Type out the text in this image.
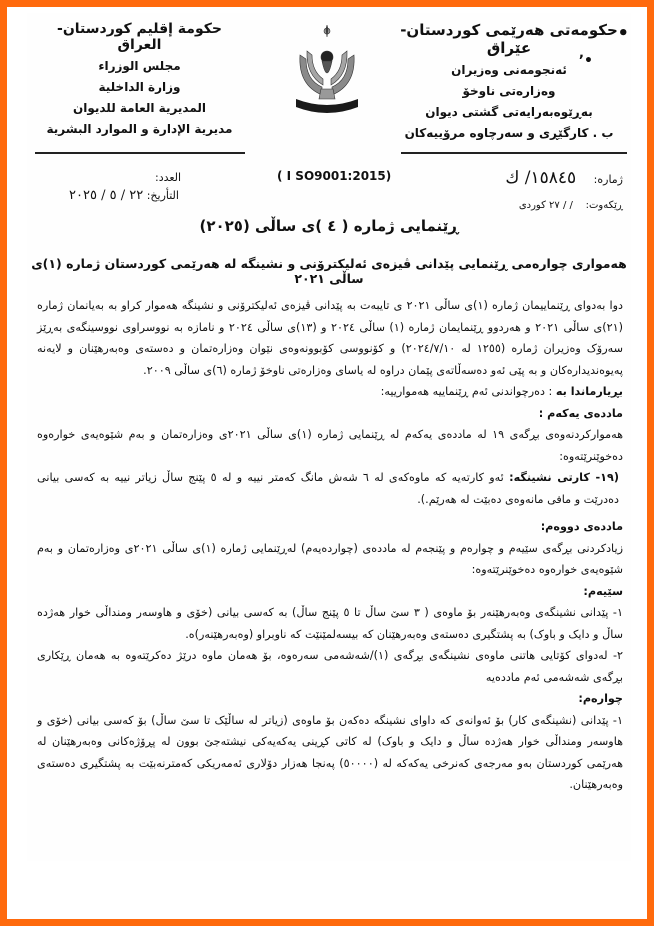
حکومەتی هەرێمی کوردستان-عێراق
ئەنجومەنی وەزیران
وەزارەتی ناوخۆ
بەڕێوەبەرایەتی گشتی دیوان
ب . کارگێڕی و سەرچاوە مرۆییەکان
•
ʼ•
حكومة إقليم كوردستان-العراق
مجلس الوزراء
وزارة الداخلية
المديرية العامة للديوان
مديرية الإدارة و الموارد البشرية
ژمارە:     ١٥٨٤٥/ ك
ڕێکەوت:    / / ٢٧ کوردی
( I SO9001:2015)
العدد:
التأريخ: ٢٢ / ٥ / ٢٠٢٥
ڕێنمایی ژمارە ( ٤ )ی ساڵی (٢٠٢٥)
هەمواری چوارەمی ڕێنمایی پێدانی ڤیزەی ئەلیکترۆنی و نشینگە لە هەرێمی کوردستان ژمارە (١)ی ساڵی ٢٠٢١

دوا بەدوای ڕێنماییمان ژمارە (١)ی ساڵی ٢٠٢١ ی تایبەت بە پێدانی ڤیزەی ئەلیکترۆنی و نشینگە هەموار کراو بە بەیانمان ژمارە (٢١)ی ساڵی ٢٠٢١ و هەردوو ڕێنمایمان ژمارە (١) ساڵی ٢٠٢٤ و (١٣)ی ساڵی ٢٠٢٤ و نامازە بە نووسراوی نووسینگەی بەڕێز سەرۆک وەزیران ژمارە (١٢٥٥ لە ٢٠٢٤/٧/١٠) و کۆنووسی کۆبوونەوەی نێوان وەزارەتمان و دەستەی وەبەرهێنان و لایەنە پەیوەندیدارەکان و بە پێی ئەو دەسەڵاتەی پێمان دراوە لە یاسای وەزارەتی ناوخۆ ژمارە (٦)ی ساڵی ٢٠٠٩.

بڕیارماندا بە : دەرچواندنی ئەم ڕێنماییە هەمواریيە:

ماددەی یەکەم :

هەمواركردنەوەی بڕگەی ١٩ لە ماددەی یەکەم لە ڕێنمایی ژمارە (١)ی ساڵی ٢٠٢١ی وەزارەتمان و بەم شێوەیەی خوارەوە دەخوێنرێتەوە:

(١٩- كارتی نشینگە: ئەو كارتەیە كە ماوەكەی لە ٦ شەش مانگ كەمتر نییە و لە ٥ پێنج ساڵ زیاتر نییە بە كەسی بیانی دەدرێت و مافی مانەوەی دەبێت لە هەرێم.).

ماددەی دووەم:

زیادكردنی بڕگەی سێیەم و چوارەم و پێنجەم لە ماددەی (چواردەیەم) لەڕێنمایی ژمارە (١)ی ساڵی ٢٠٢١ی وەزارەتمان و بەم شێوەیەی خوارەوە دەخوێنرێتەوە:

سێیەم:

١- پێدانی نشینگەی وەبەرهێنەر بۆ ماوەی ( ٣ سێ ساڵ تا ٥ پێنج ساڵ) بە كەسی بیانی (خۆی و هاوسەر ومنداڵی خوار هەژدە ساڵ و دایک و باوک) بە پشتگیری دەستەی وەبەرهێنان كە بیسەلمێنێت كە ناوبراو (وەبەرهێنەر)ە.

٢- لەدوای كۆتایی هاتنی ماوەی نشینگەی بڕگەی (١)/شەشەمی سەرەوە، بۆ هەمان ماوە درێژ دەكرێتەوە بە هەمان ڕێكاری بڕگەی شەشەمی ئەم ماددەیە

چوارەم:

١- پێدانی (نشینگەی كار) بۆ ئەوانەی كە داوای نشینگە دەكەن بۆ ماوەی (زیاتر لە ساڵێک تا سێ ساڵ) بۆ كەسی بیانی (خۆی و هاوسەر ومنداڵی خوار هەژدە ساڵ و دایک و باوک) لە كاتی كڕینی یەكەیەكی نیشتەجێ بوون لە پڕۆژەكانی وەبەرهێنان لە هەرێمی كوردستان بەو مەرجەی كەنرخی یەكەكە لە (٥٠٠٠٠) پەنجا هەزار دۆلاری ئەمەریكی كەمترنەبێت بە پشتگیری دەستەی وەبەرهێنان.
